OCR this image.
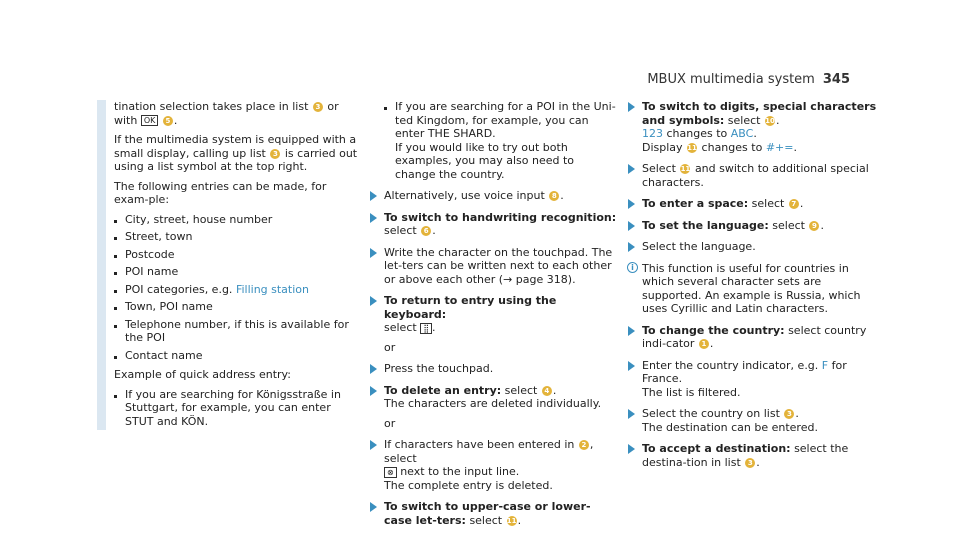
MBUX multimedia system 345

tination selection takes place in list 3 or
with OK 5 .

If the multimedia system is equipped with a small display, calling up list 3 is carried out using a list symbol at the top right.

The following entries can be made, for exam-ple:

City, street, house number
Street, town
Postcode
POI name
POI categories, e.g. Filling station
Town, POI name
Telephone number, if this is available for the POI
Contact name

Example of quick address entry:

If you are searching for Königsstraße in Stuttgart, for example, you can enter STUT and KÖN.
If you are searching for a POI in the Uni-ted Kingdom, for example, you can enter THE SHARD.
If you would like to try out both examples, you may also need to change the country.
Alternatively, use voice input 8 .
To switch to handwriting recognition:
select 6 .
Write the character on the touchpad. The let-ters can be written next to each other or above each other (→ page 318).
To return to entry using the keyboard:
select ⣿ .

or

Press the touchpad.
To delete an entry: select 4 .
The characters are deleted individually.

or

If characters have been entered in 2 , select
⊗ next to the input line.
The complete entry is deleted.
To switch to upper-case or lower-case let-ters: select 11.
To switch to digits, special characters and symbols: select 10.
123 changes to ABC.
Display 11 changes to #+=.
Select 11 and switch to additional special characters.
To enter a space: select 7 .
To set the language: select 9 .
Select the language.
i This function is useful for countries in which several character sets are supported. An example is Russia, which uses Cyrillic and Latin characters.
To change the country: select country indi-cator 1 .
Enter the country indicator, e.g. F for France.
The list is filtered.
Select the country on list 3 .
The destination can be entered.
To accept a destination: select the destina-tion in list 3 .
